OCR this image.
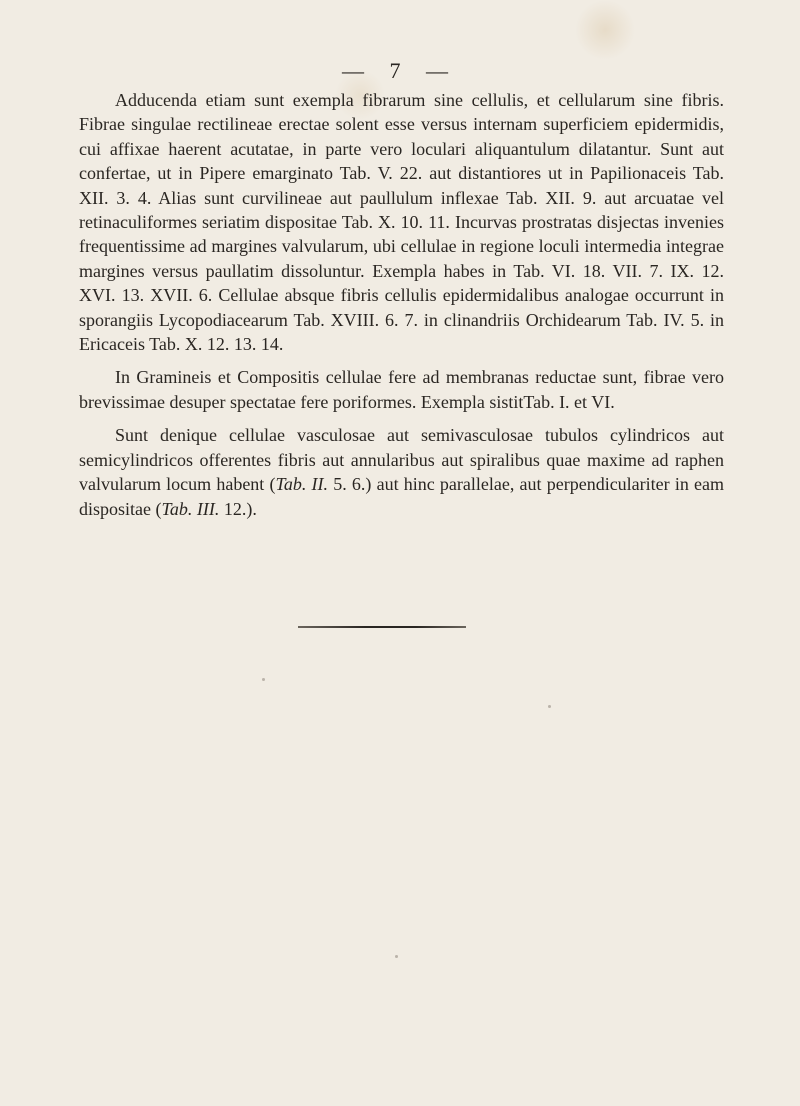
— 7 —

Adducenda etiam sunt exempla fibrarum sine cellulis, et cellularum sine fibris. Fibrae singulae rectilineae erectae solent esse versus internam superficiem epidermidis, cui affixae haerent acutatae, in parte vero loculari aliquantulum dilatantur. Sunt aut confertae, ut in Pipere emarginato Tab. V. 22. aut distantiores ut in Papilionaceis Tab. XII. 3. 4. Alias sunt curvilineae aut paullulum inflexae Tab. XII. 9. aut arcuatae vel retinaculiformes seriatim dispositae Tab. X. 10. 11. Incurvas prostratas disjectas invenies frequentissime ad margines valvularum, ubi cellulae in regione loculi intermedia integrae margines versus paullatim dissoluntur. Exempla habes in Tab. VI. 18. VII. 7. IX. 12. XVI. 13. XVII. 6. Cellulae absque fibris cellulis epidermidalibus analogae occurrunt in sporangiis Lycopodiacearum Tab. XVIII. 6. 7. in clinandriis Orchidearum Tab. IV. 5. in Ericaceis Tab. X. 12. 13. 14.

In Gramineis et Compositis cellulae fere ad membranas reductae sunt, fibrae vero brevissimae desuper spectatae fere poriformes. Exempla sistitTab. I. et VI.

Sunt denique cellulae vasculosae aut semivasculosae tubulos cylindricos aut semicylindricos offerentes fibris aut annularibus aut spiralibus quae maxime ad raphen valvularum locum habent (Tab. II. 5. 6.) aut hinc parallelae, aut perpendiculariter in eam dispositae (Tab. III. 12.).
